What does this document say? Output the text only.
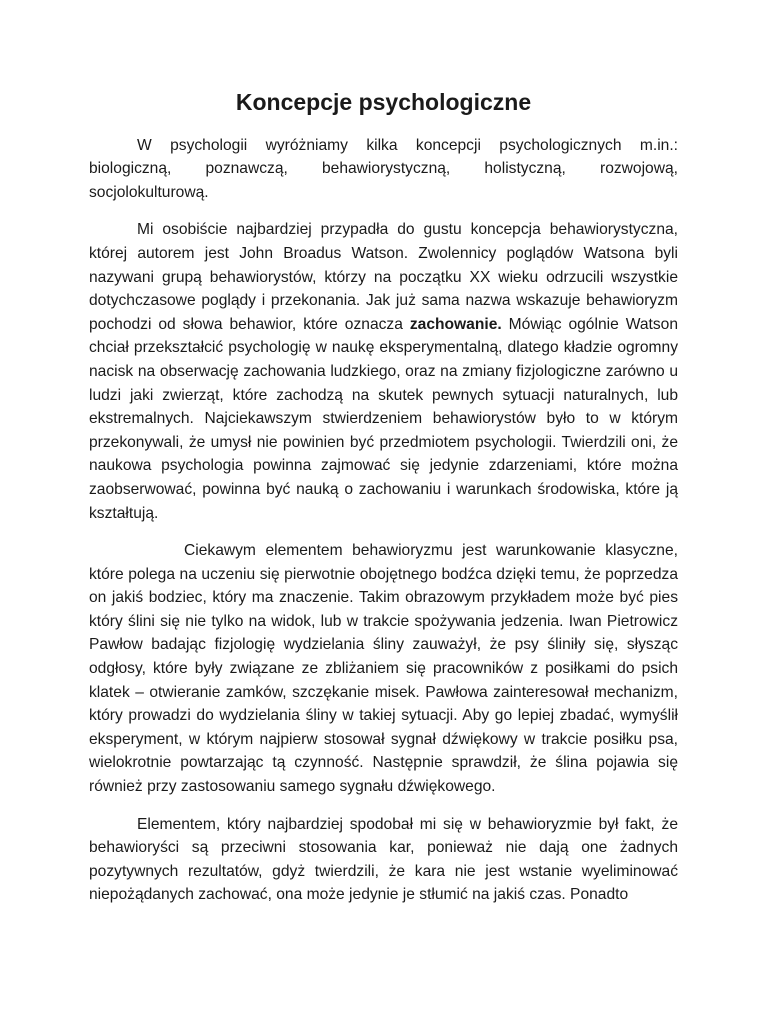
Koncepcje psychologiczne

W psychologii wyróżniamy kilka koncepcji psychologicznych m.in.: biologiczną, poznawczą, behawiorystyczną, holistyczną, rozwojową, socjolokulturową.

Mi osobiście najbardziej przypadła do gustu koncepcja behawiorystyczna, której autorem jest John Broadus Watson. Zwolennicy poglądów Watsona byli nazywani grupą behawiorystów, którzy na początku XX wieku odrzucili wszystkie dotychczasowe poglądy i przekonania. Jak już sama nazwa wskazuje behawioryzm pochodzi od słowa behawior, które oznacza zachowanie. Mówiąc ogólnie Watson chciał przekształcić psychologię w naukę eksperymentalną, dlatego kładzie ogromny nacisk na obserwację zachowania ludzkiego, oraz na zmiany fizjologiczne zarówno u ludzi jaki zwierząt, które zachodzą na skutek pewnych sytuacji naturalnych, lub ekstremalnych. Najciekawszym stwierdzeniem behawiorystów było to w którym przekonywali, że umysł nie powinien być przedmiotem psychologii. Twierdzili oni, że naukowa psychologia powinna zajmować się jedynie zdarzeniami, które można zaobserwować, powinna być nauką o zachowaniu i warunkach środowiska, które ją kształtują.

Ciekawym elementem behawioryzmu jest warunkowanie klasyczne, które polega na uczeniu się pierwotnie obojętnego bodźca dzięki temu, że poprzedza on jakiś bodziec, który ma znaczenie. Takim obrazowym przykładem może być pies który ślini się nie tylko na widok, lub w trakcie spożywania jedzenia. Iwan Pietrowicz Pawłow badając fizjologię wydzielania śliny zauważył, że psy śliniły się, słysząc odgłosy, które były związane ze zbliżaniem się pracowników z posiłkami do psich klatek – otwieranie zamków, szczękanie misek. Pawłowa zainteresował mechanizm, który prowadzi do wydzielania śliny w takiej sytuacji. Aby go lepiej zbadać, wymyślił eksperyment, w którym najpierw stosował sygnał dźwiękowy w trakcie posiłku psa, wielokrotnie powtarzając tą czynność. Następnie sprawdził, że ślina pojawia się również przy zastosowaniu samego sygnału dźwiękowego.

Elementem, który najbardziej spodobał mi się w behawioryzmie był fakt, że behawioryści są przeciwni stosowania kar, ponieważ nie dają one żadnych pozytywnych rezultatów, gdyż twierdzili, że kara nie jest wstanie wyeliminować niepożądanych zachować, ona może jedynie je stłumić na jakiś czas. Ponadto
